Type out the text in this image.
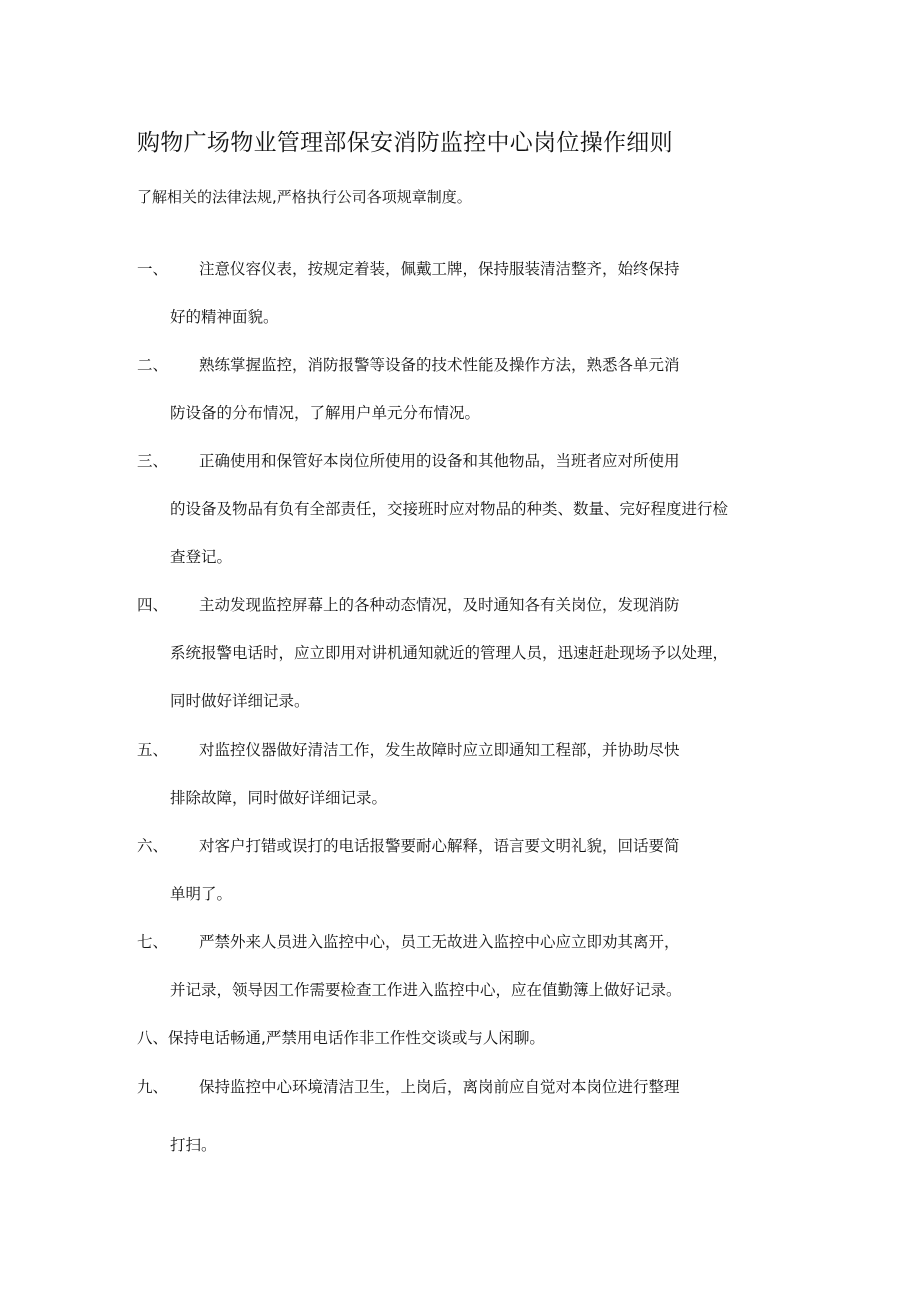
购物广场物业管理部保安消防监控中心岗位操作细则
了解相关的法律法规,严格执行公司各项规章制度。
一、 注意仪容仪表，按规定着装，佩戴工牌，保持服装清洁整齐，始终保持
好的精神面貌。
二、 熟练掌握监控，消防报警等设备的技术性能及操作方法，熟悉各单元消
防设备的分布情况，了解用户单元分布情况。
三、 正确使用和保管好本岗位所使用的设备和其他物品，当班者应对所使用
的设备及物品有负有全部责任，交接班时应对物品的种类、数量、完好程度进行检
查登记。
四、 主动发现监控屏幕上的各种动态情况，及时通知各有关岗位，发现消防
系统报警电话时，应立即用对讲机通知就近的管理人员，迅速赶赴现场予以处理，
同时做好详细记录。
五、 对监控仪器做好清洁工作，发生故障时应立即通知工程部，并协助尽快
排除故障，同时做好详细记录。
六、 对客户打错或误打的电话报警要耐心解释，语言要文明礼貌，回话要简
单明了。
七、 严禁外来人员进入监控中心，员工无故进入监控中心应立即劝其离开，
并记录，领导因工作需要检查工作进入监控中心，应在值勤簿上做好记录。
八、保持电话畅通,严禁用电话作非工作性交谈或与人闲聊。
九、 保持监控中心环境清洁卫生，上岗后，离岗前应自觉对本岗位进行整理
打扫。
